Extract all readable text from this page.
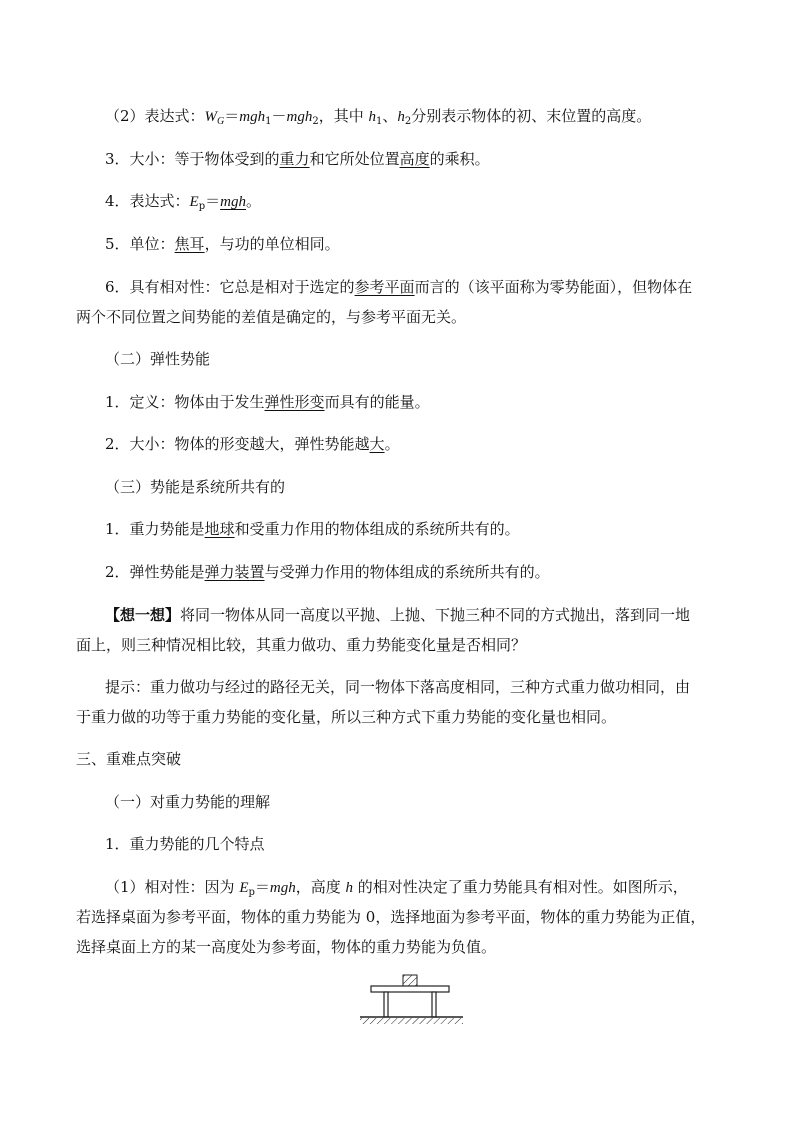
（2）表达式：$W_G=mgh_1-mgh_2$，其中 $h_1$、$h_2$分别表示物体的初、末位置的高度。
3．大小：等于物体受到的重力和它所处位置高度的乘积。
4．表达式：$E_p=mgh$。
5．单位：焦耳，与功的单位相同。
6．具有相对性：它总是相对于选定的参考平面而言的（该平面称为零势能面），但物体在
两个不同位置之间势能的差值是确定的，与参考平面无关。
（二）弹性势能
1．定义：物体由于发生弹性形变而具有的能量。
2．大小：物体的形变越大，弹性势能越大。
（三）势能是系统所共有的
1．重力势能是地球和受重力作用的物体组成的系统所共有的。
2．弹性势能是弹力装置与受弹力作用的物体组成的系统所共有的。
【想一想】将同一物体从同一高度以平抛、上抛、下抛三种不同的方式抛出，落到同一地
面上，则三种情况相比较，其重力做功、重力势能变化量是否相同？
提示：重力做功与经过的路径无关，同一物体下落高度相同，三种方式重力做功相同，由
于重力做的功等于重力势能的变化量，所以三种方式下重力势能的变化量也相同。
三、重难点突破
（一）对重力势能的理解
1．重力势能的几个特点
（1）相对性：因为 $E_p=mgh$，高度 h 的相对性决定了重力势能具有相对性。如图所示，
若选择桌面为参考平面，物体的重力势能为 0，选择地面为参考平面，物体的重力势能为正值，
选择桌面上方的某一高度处为参考面，物体的重力势能为负值。
